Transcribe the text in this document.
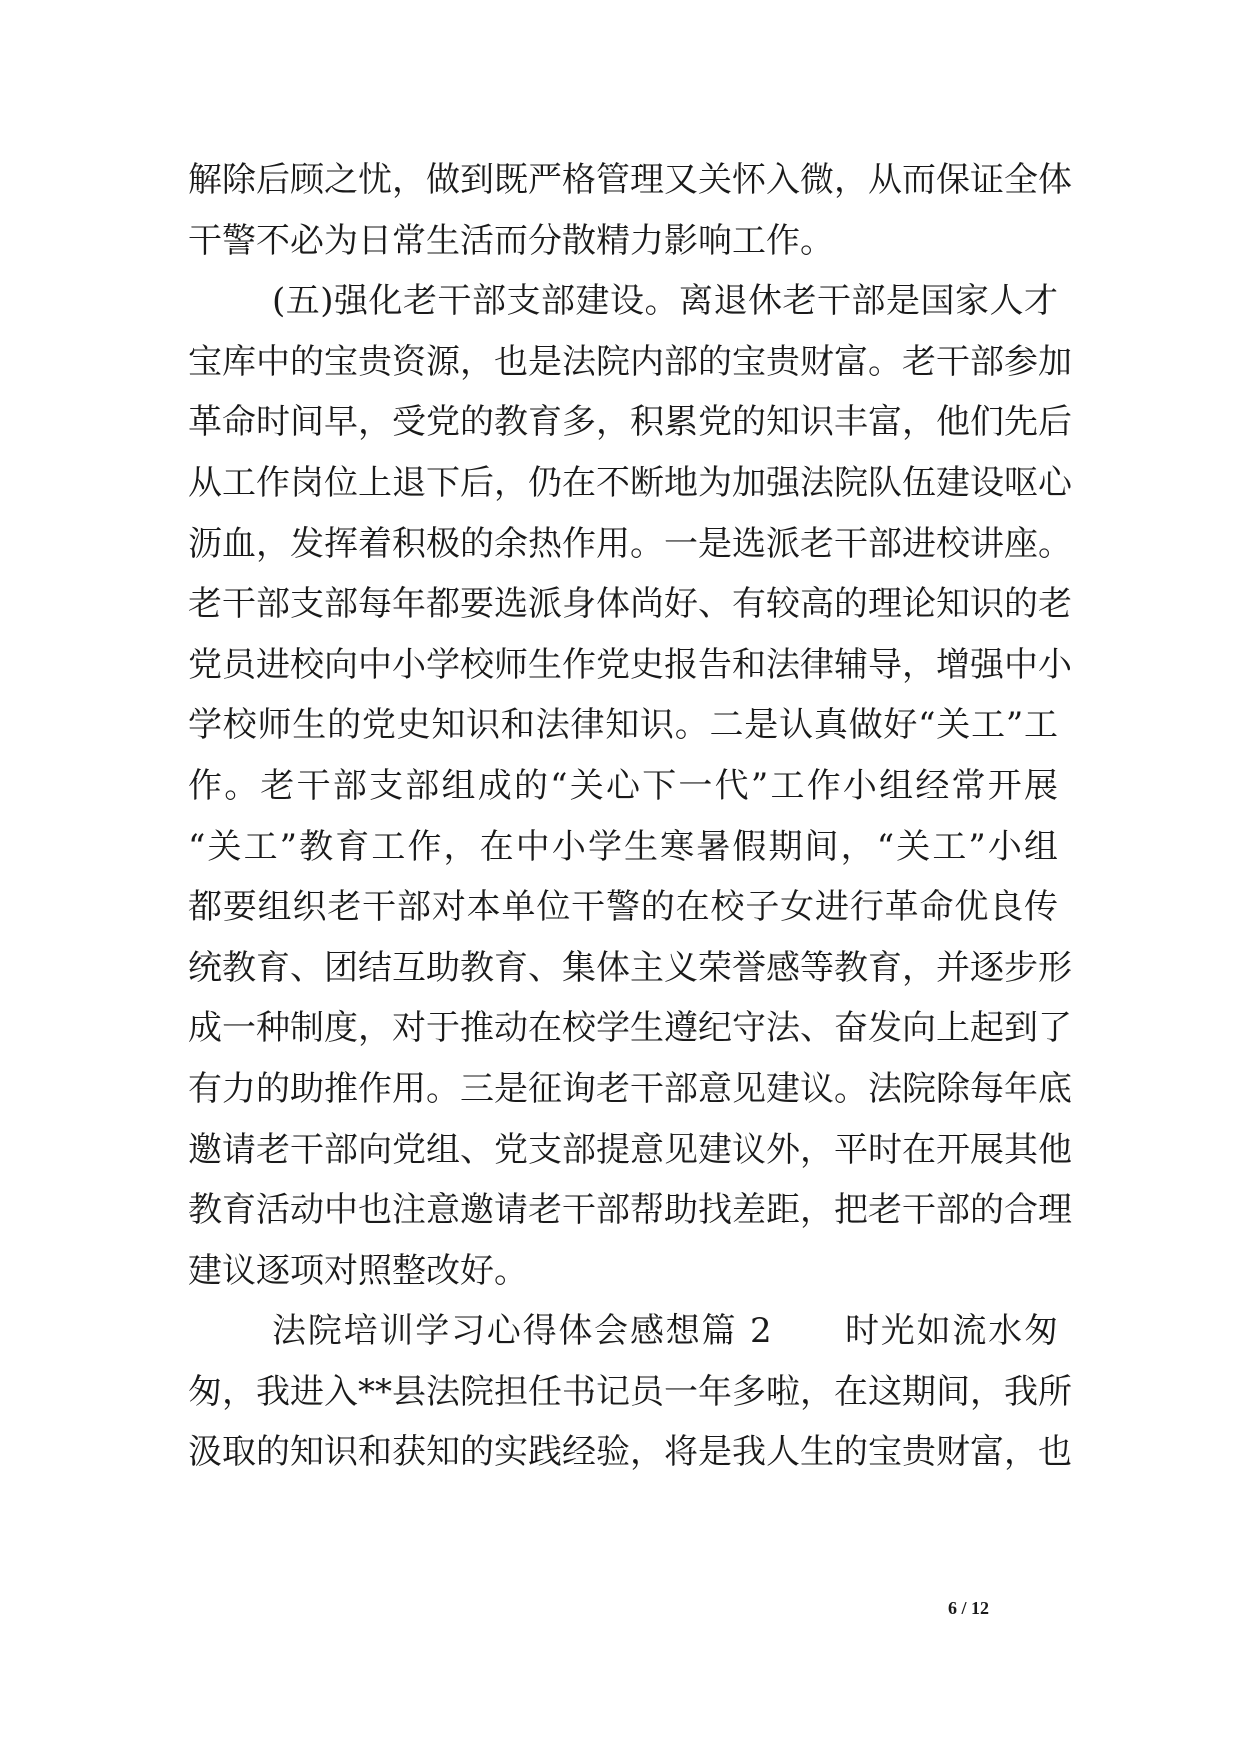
解除后顾之忧，做到既严格管理又关怀入微，从而保证全体
干警不必为日常生活而分散精力影响工作。
(五)强化老干部支部建设。离退休老干部是国家人才
宝库中的宝贵资源，也是法院内部的宝贵财富。老干部参加
革命时间早，受党的教育多，积累党的知识丰富，他们先后
从工作岗位上退下后，仍在不断地为加强法院队伍建设呕心
沥血，发挥着积极的余热作用。一是选派老干部进校讲座。
老干部支部每年都要选派身体尚好、有较高的理论知识的老
党员进校向中小学校师生作党史报告和法律辅导，增强中小
学校师生的党史知识和法律知识。二是认真做好“关工”工
作。老干部支部组成的“关心下一代”工作小组经常开展
“关工”教育工作，在中小学生寒暑假期间，“关工”小组
都要组织老干部对本单位干警的在校子女进行革命优良传
统教育、团结互助教育、集体主义荣誉感等教育，并逐步形
成一种制度，对于推动在校学生遵纪守法、奋发向上起到了
有力的助推作用。三是征询老干部意见建议。法院除每年底
邀请老干部向党组、党支部提意见建议外，平时在开展其他
教育活动中也注意邀请老干部帮助找差距，把老干部的合理
建议逐项对照整改好。
法院培训学习心得体会感想篇 2　　时光如流水匆
匆，我进入**县法院担任书记员一年多啦，在这期间，我所
汲取的知识和获知的实践经验，将是我人生的宝贵财富，也
6 / 12
